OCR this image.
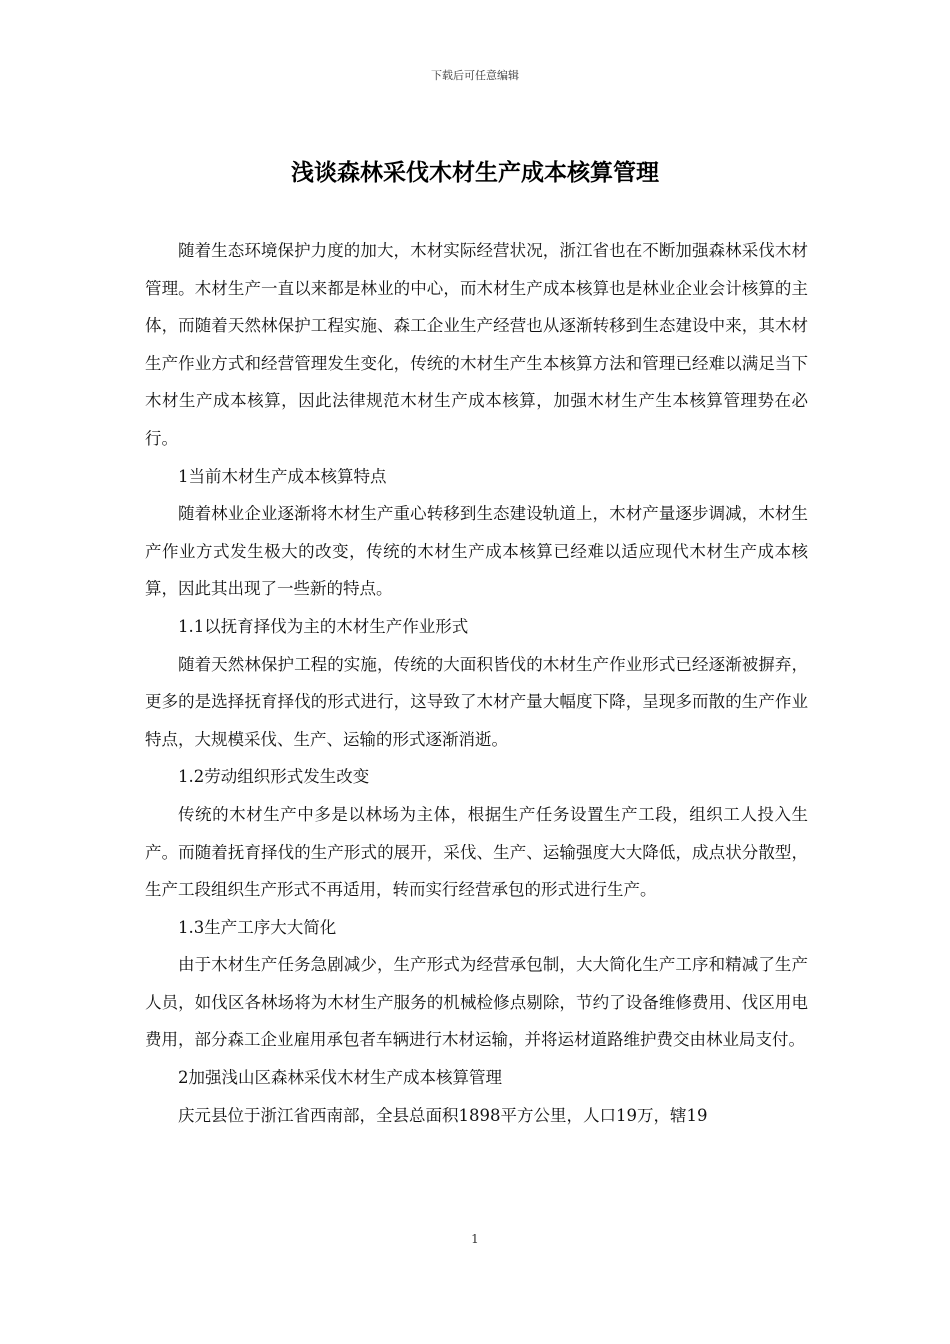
下载后可任意编辑
浅谈森林采伐木材生产成本核算管理

随着生态环境保护力度的加大，木材实际经营状况，浙江省也在不断加强森林采伐木材管理。木材生产一直以来都是林业的中心，而木材生产成本核算也是林业企业会计核算的主体，而随着天然林保护工程实施、森工企业生产经营也从逐渐转移到生态建设中来，其木材生产作业方式和经营管理发生变化，传统的木材生产生本核算方法和管理已经难以满足当下木材生产成本核算，因此法律规范木材生产成本核算，加强木材生产生本核算管理势在必行。

1当前木材生产成本核算特点

随着林业企业逐渐将木材生产重心转移到生态建设轨道上，木材产量逐步调减，木材生产作业方式发生极大的改变，传统的木材生产成本核算已经难以适应现代木材生产成本核算，因此其出现了一些新的特点。

1.1以抚育择伐为主的木材生产作业形式

随着天然林保护工程的实施，传统的大面积皆伐的木材生产作业形式已经逐渐被摒弃，更多的是选择抚育择伐的形式进行，这导致了木材产量大幅度下降，呈现多而散的生产作业特点，大规模采伐、生产、运输的形式逐渐消逝。

1.2劳动组织形式发生改变

传统的木材生产中多是以林场为主体，根据生产任务设置生产工段，组织工人投入生产。而随着抚育择伐的生产形式的展开，采伐、生产、运输强度大大降低，成点状分散型，生产工段组织生产形式不再适用，转而实行经营承包的形式进行生产。

1.3生产工序大大简化

由于木材生产任务急剧减少，生产形式为经营承包制，大大简化生产工序和精减了生产人员，如伐区各林场将为木材生产服务的机械检修点剔除，节约了设备维修费用、伐区用电费用，部分森工企业雇用承包者车辆进行木材运输，并将运材道路维护费交由林业局支付。

2加强浅山区森林采伐木材生产成本核算管理

庆元县位于浙江省西南部，全县总面积1898平方公里，人口19万，辖19

1
